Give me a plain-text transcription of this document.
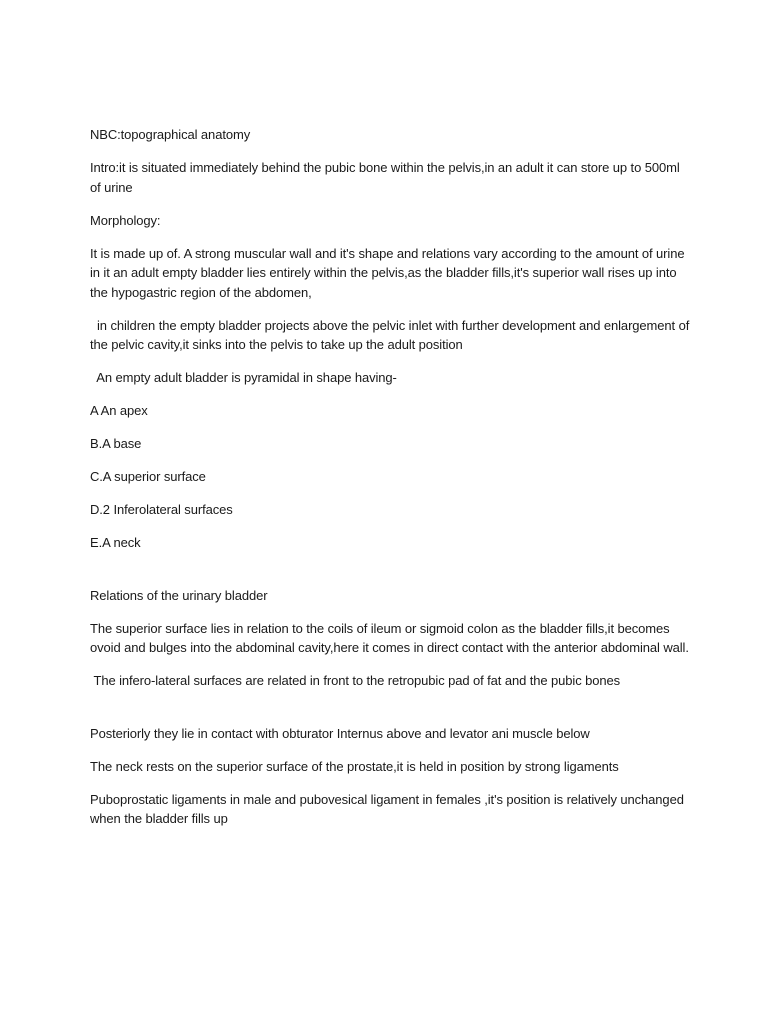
NBC:topographical anatomy

Intro:it is situated immediately behind the pubic bone within the pelvis,in an adult it can store up to 500ml of urine

Morphology:

It is made up of. A strong muscular wall and it's shape and relations vary according to the amount of urine in it an adult empty bladder lies entirely within the pelvis,as the bladder fills,it's superior wall rises up into the hypogastric region of the abdomen,

in children the empty bladder projects above the pelvic inlet with further development and enlargement of the pelvic cavity,it sinks into the pelvis to take up the adult position

An empty adult bladder is pyramidal in shape having-

A An apex

B.A base

C.A superior surface

D.2 Inferolateral surfaces

E.A neck

Relations of the urinary bladder

The superior surface lies in relation to the coils of ileum or sigmoid colon as the bladder fills,it becomes ovoid and bulges into the abdominal cavity,here it comes in direct contact with the anterior abdominal wall.

The infero-lateral surfaces are related in front to the retropubic pad of fat and the pubic bones

Posteriorly they lie in contact with obturator Internus above and levator ani muscle below

The neck rests on the superior surface of the prostate,it is held in position by strong ligaments

Puboprostatic ligaments in male and pubovesical ligament in females ,it's position is relatively unchanged when the bladder fills up
